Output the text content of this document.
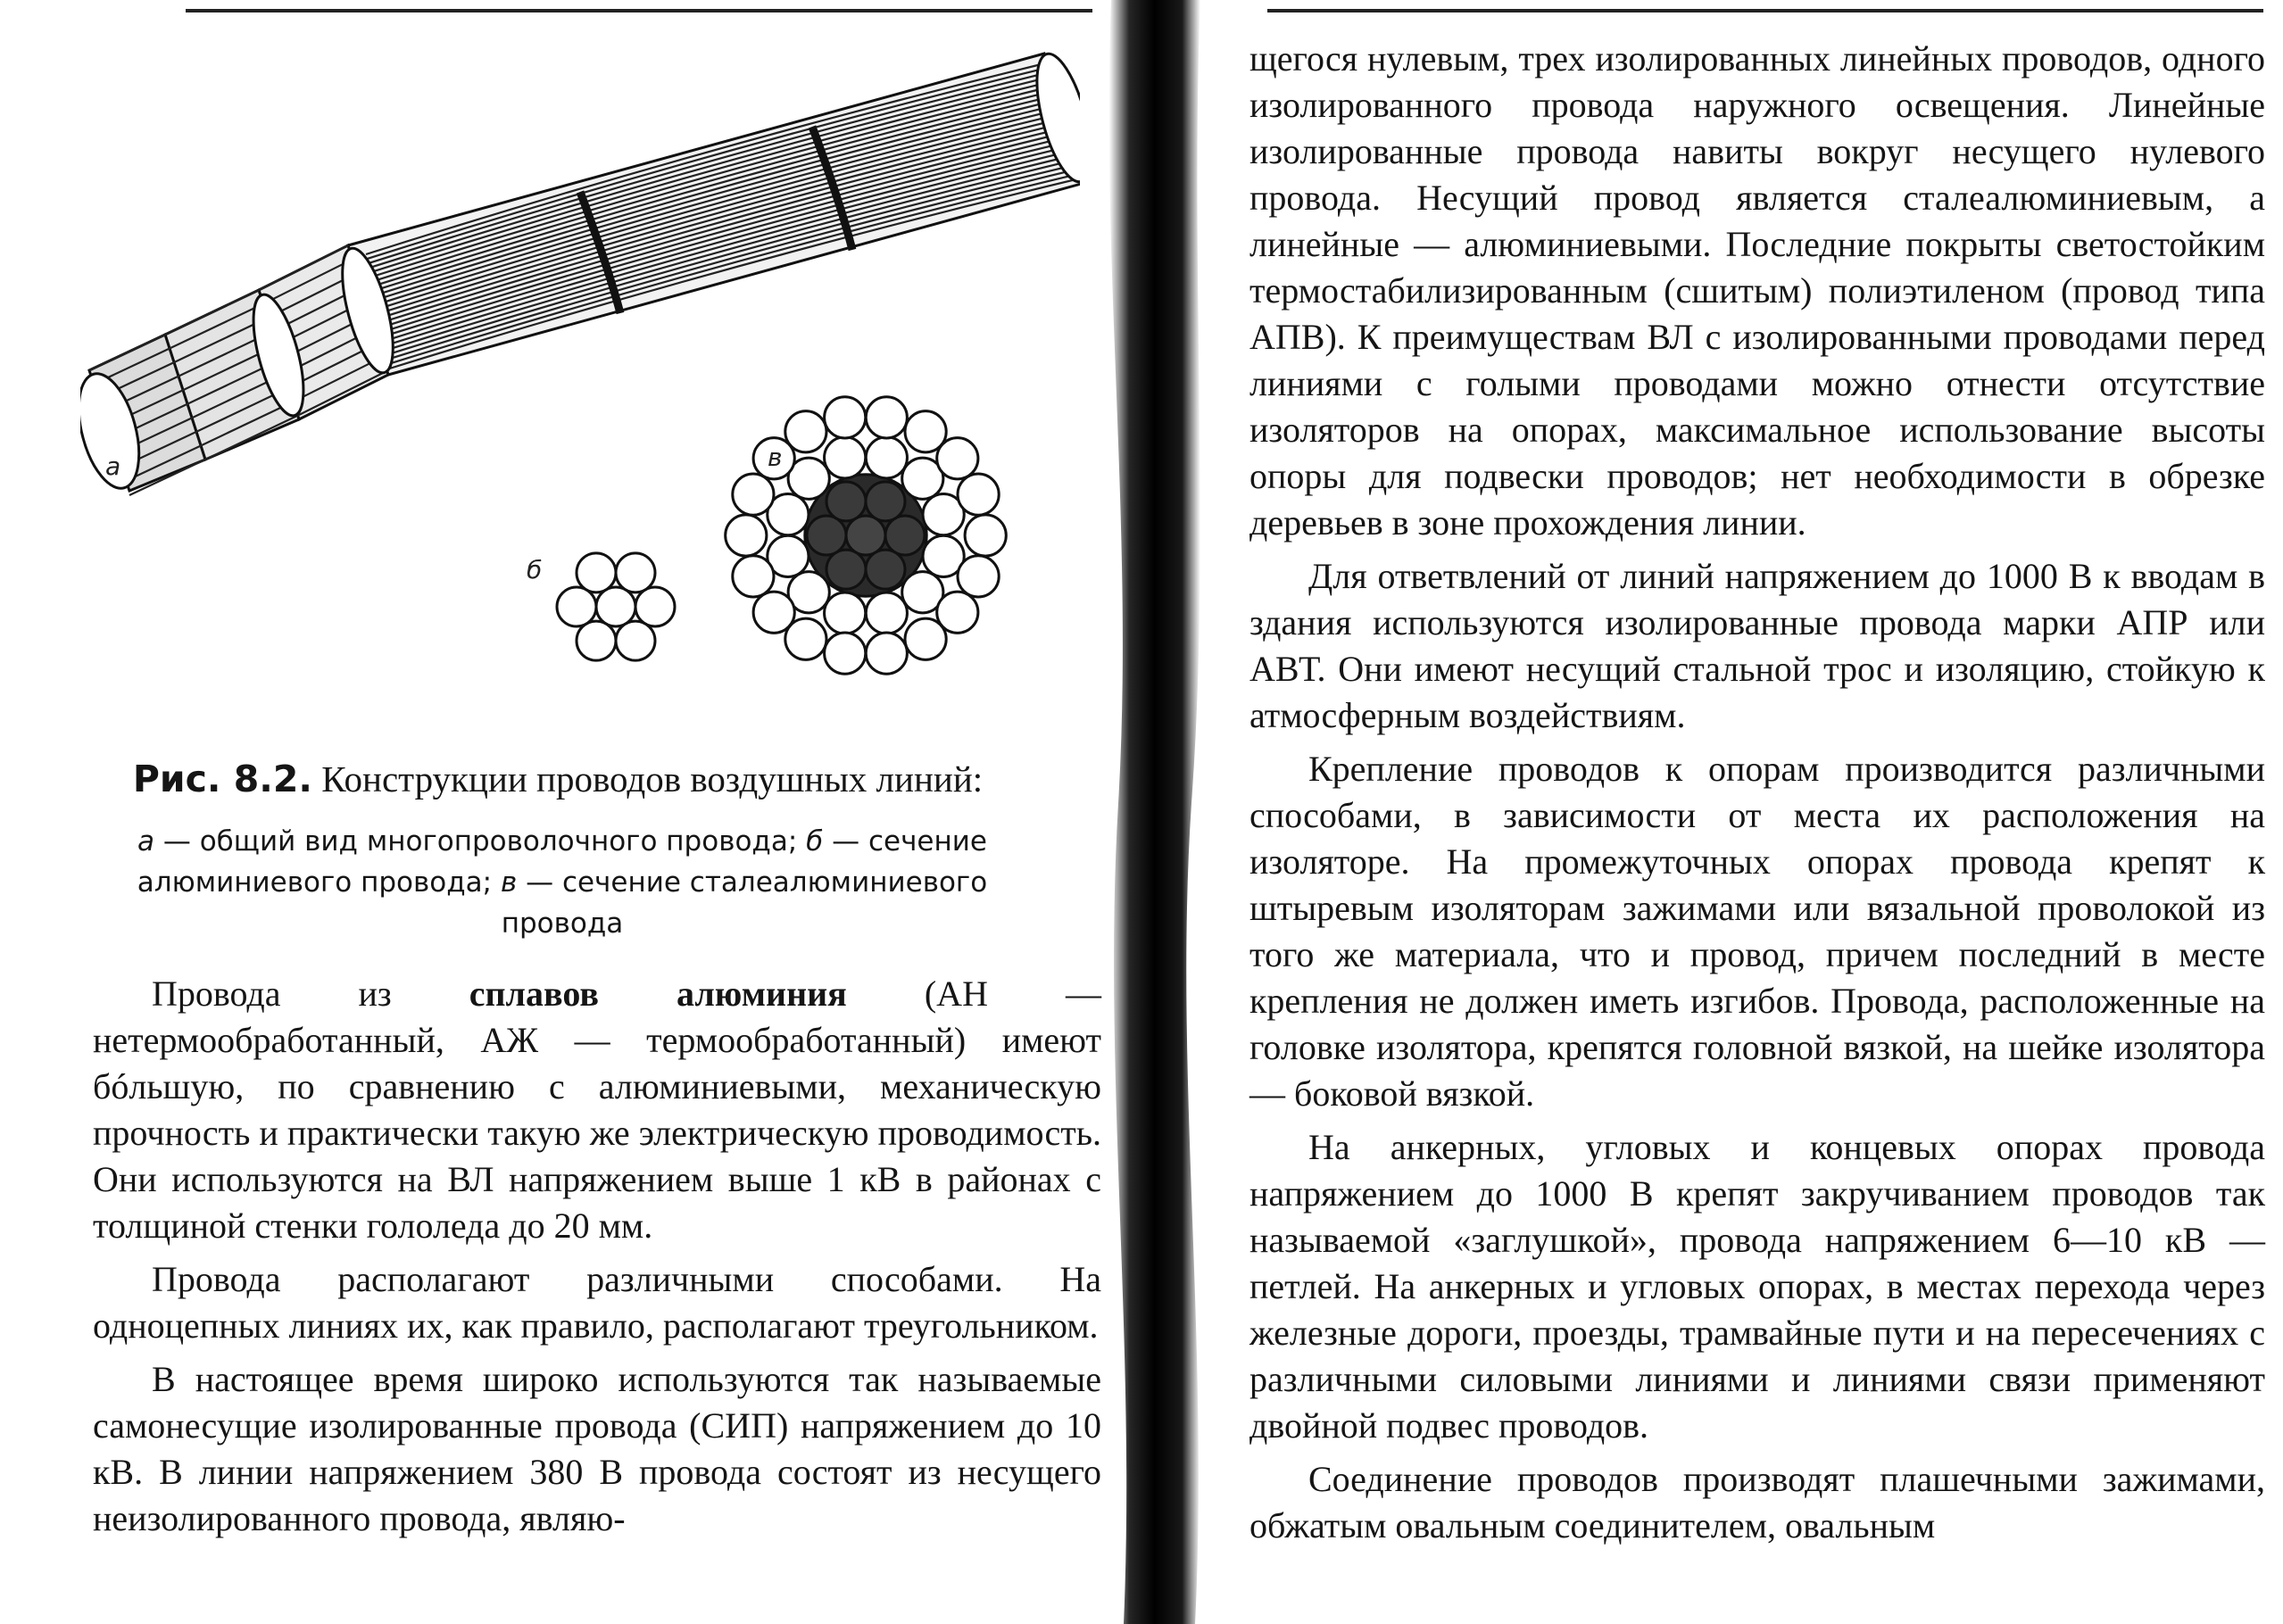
а
б
в
Рис. 8.2. Конструкции проводов воздушных линий:
а — общий вид многопроволочного провода; б — сечение алюминиевого провода; в — сечение сталеалюминиевого провода

Провода из сплавов алюминия (АН — нетермообработанный, АЖ — термообработанный) имеют бóльшую, по сравнению с алюминиевыми, механическую прочность и практически такую же электрическую проводимость. Они используются на ВЛ напряжением выше 1 кВ в районах с толщиной стенки гололеда до 20 мм.

Провода располагают различными способами. На одноцепных линиях их, как правило, располагают треугольником.

В настоящее время широко используются так называемые самонесущие изолированные провода (СИП) напряжением до 10 кВ. В линии напряжением 380 В провода состоят из несущего неизолированного провода, являю-

щегося нулевым, трех изолированных линейных проводов, одного изолированного провода наружного освещения. Линейные изолированные провода навиты вокруг несущего нулевого провода. Несущий провод является сталеалюминиевым, а линейные — алюминиевыми. Последние покрыты светостойким термостабилизированным (сшитым) полиэтиленом (провод типа АПВ). К преимуществам ВЛ с изолированными проводами перед линиями с голыми проводами можно отнести отсутствие изоляторов на опорах, максимальное использование высоты опоры для подвески проводов; нет необходимости в обрезке деревьев в зоне прохождения линии.

Для ответвлений от линий напряжением до 1000 В к вводам в здания используются изолированные провода марки АПР или АВТ. Они имеют несущий стальной трос и изоляцию, стойкую к атмосферным воздействиям.

Крепление проводов к опорам производится различными способами, в зависимости от места их расположения на изоляторе. На промежуточных опорах провода крепят к штыревым изоляторам зажимами или вязальной проволокой из того же материала, что и провод, причем последний в месте крепления не должен иметь изгибов. Провода, расположенные на головке изолятора, крепятся головной вязкой, на шейке изолятора — боковой вязкой.

На анкерных, угловых и концевых опорах провода напряжением до 1000 В крепят закручиванием проводов так называемой «заглушкой», провода напряжением 6—10 кВ — петлей. На анкерных и угловых опорах, в местах перехода через железные дороги, проезды, трамвайные пути и на пересечениях с различными силовыми линиями и линиями связи применяют двойной подвес проводов.

Соединение проводов производят плашечными зажимами, обжатым овальным соединителем, овальным
